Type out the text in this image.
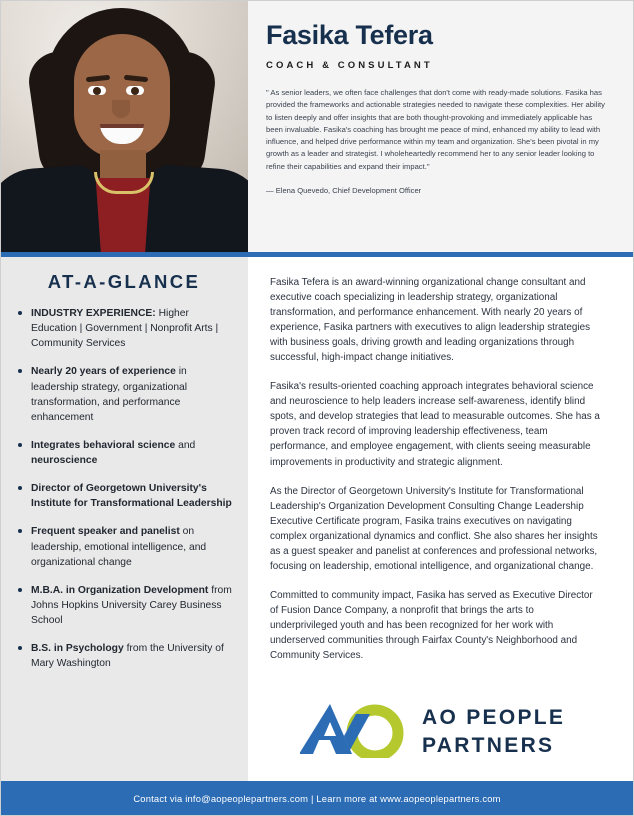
Fasika Tefera
COACH & CONSULTANT
" As senior leaders, we often face challenges that don't come with ready-made solutions. Fasika has provided the frameworks and actionable strategies needed to navigate these complexities. Her ability to listen deeply and offer insights that are both thought-provoking and immediately applicable has been invaluable. Fasika's coaching has brought me peace of mind, enhanced my ability to lead with influence, and helped drive performance within my team and organization. She's been pivotal in my growth as a leader and strategist. I wholeheartedly recommend her to any senior leader looking to refine their capabilities and expand their impact."
— Elena Quevedo, Chief Development Officer
AT-A-GLANCE
INDUSTRY EXPERIENCE: Higher Education | Government | Nonprofit Arts | Community Services
Nearly 20 years of experience in leadership strategy, organizational transformation, and performance enhancement
Integrates behavioral science and neuroscience
Director of Georgetown University's Institute for Transformational Leadership
Frequent speaker and panelist on leadership, emotional intelligence, and organizational change
M.B.A. in Organization Development from Johns Hopkins University Carey Business School
B.S. in Psychology from the University of Mary Washington

Fasika Tefera is an award-winning organizational change consultant and executive coach specializing in leadership strategy, organizational transformation, and performance enhancement. With nearly 20 years of experience, Fasika partners with executives to align leadership strategies with business goals, driving growth and leading organizations through successful, high-impact change initiatives.

Fasika's results-oriented coaching approach integrates behavioral science and neuroscience to help leaders increase self-awareness, identify blind spots, and develop strategies that lead to measurable outcomes. She has a proven track record of improving leadership effectiveness, team performance, and employee engagement, with clients seeing measurable improvements in productivity and strategic alignment.

As the Director of Georgetown University's Institute for Transformational Leadership's Organization Development Consulting Change Leadership Executive Certificate program, Fasika trains executives on navigating complex organizational dynamics and conflict. She also shares her insights as a guest speaker and panelist at conferences and professional networks, focusing on leadership, emotional intelligence, and organizational change.

Committed to community impact, Fasika has served as Executive Director of Fusion Dance Company, a nonprofit that brings the arts to underprivileged youth and has been recognized for her work with underserved communities through Fairfax County's Neighborhood and Community Services.

AO PEOPLE
PARTNERS
Contact via info@aopeoplepartners.com | Learn more at www.aopeoplepartners.com
